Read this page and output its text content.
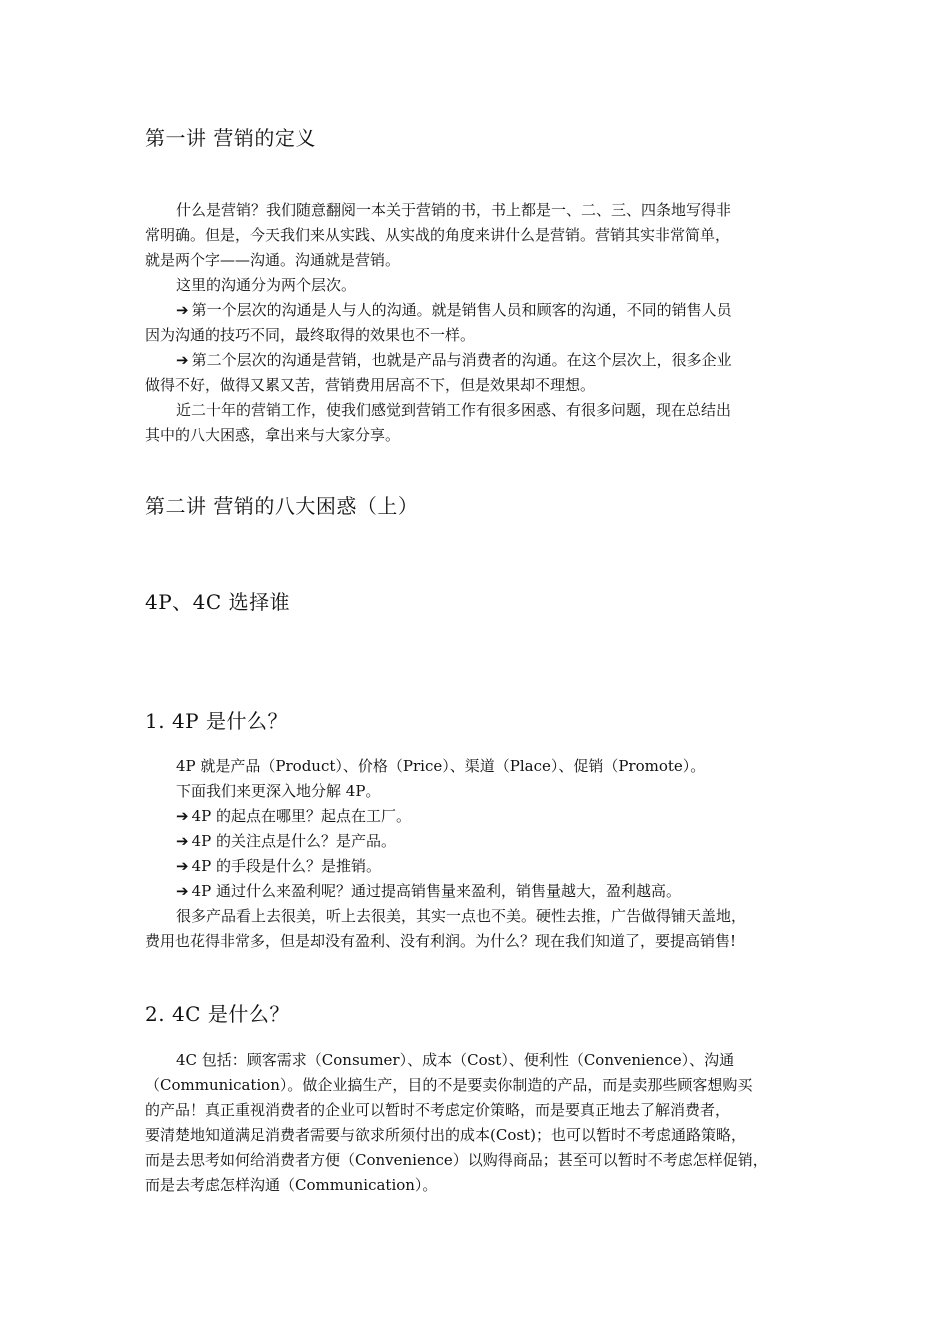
第一讲 营销的定义
什么是营销？我们随意翻阅一本关于营销的书，书上都是一、二、三、四条地写得非
常明确。但是，今天我们来从实践、从实战的角度来讲什么是营销。营销其实非常简单，
就是两个字——沟通。沟通就是营销。
这里的沟通分为两个层次。
➔ 第一个层次的沟通是人与人的沟通。就是销售人员和顾客的沟通，不同的销售人员
因为沟通的技巧不同，最终取得的效果也不一样。
➔ 第二个层次的沟通是营销，也就是产品与消费者的沟通。在这个层次上，很多企业
做得不好，做得又累又苦，营销费用居高不下，但是效果却不理想。
近二十年的营销工作，使我们感觉到营销工作有很多困惑、有很多问题，现在总结出
其中的八大困惑，拿出来与大家分享。
第二讲 营销的八大困惑（上）
4P、4C 选择谁
1. 4P 是什么？
4P 就是产品（Product）、价格（Price）、渠道（Place）、促销（Promote）。
下面我们来更深入地分解 4P。
➔ 4P 的起点在哪里？起点在工厂。
➔ 4P 的关注点是什么？是产品。
➔ 4P 的手段是什么？是推销。
➔ 4P 通过什么来盈利呢？通过提高销售量来盈利，销售量越大，盈利越高。
很多产品看上去很美，听上去很美，其实一点也不美。硬性去推，广告做得铺天盖地，
费用也花得非常多，但是却没有盈利、没有利润。为什么？现在我们知道了，要提高销售!
2. 4C 是什么？
4C 包括：顾客需求（Consumer）、成本（Cost）、便利性（Convenience）、沟通
（Communication）。做企业搞生产，目的不是要卖你制造的产品，而是卖那些顾客想购买
的产品！真正重视消费者的企业可以暂时不考虑定价策略，而是要真正地去了解消费者，
要清楚地知道满足消费者需要与欲求所须付出的成本(Cost)；也可以暂时不考虑通路策略，
而是去思考如何给消费者方便（Convenience）以购得商品；甚至可以暂时不考虑怎样促销，
而是去考虑怎样沟通（Communication）。
